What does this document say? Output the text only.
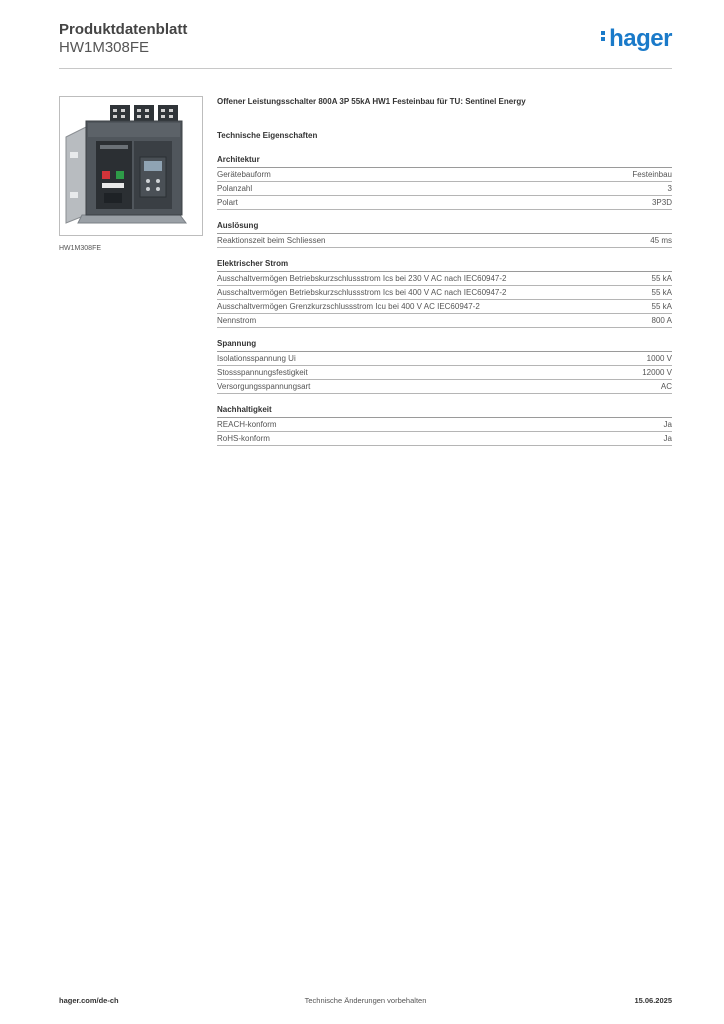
Produktdatenblatt
HW1M308FE	hager
HW1M308FE
Offener Leistungsschalter 800A 3P 55kA HW1 Festeinbau für TU: Sentinel Energy
Technische Eigenschaften
Architektur
Gerätebauform	Festeinbau
Polanzahl	3
Polart	3P3D
Auslösung
Reaktionszeit beim Schliessen	45 ms
Elektrischer Strom
Ausschaltvermögen Betriebskurzschlussstrom Ics bei 230 V AC nach IEC60947-2	55 kA
Ausschaltvermögen Betriebskurzschlussstrom Ics bei 400 V AC nach IEC60947-2	55 kA
Ausschaltvermögen Grenzkurzschlussstrom Icu bei 400 V AC IEC60947-2	55 kA
Nennstrom	800 A
Spannung
Isolationsspannung Ui	1000 V
Stossspannungsfestigkeit	12000 V
Versorgungsspannungsart	AC
Nachhaltigkeit
REACH-konform	Ja
RoHS-konform	Ja
hager.com/de-ch	Technische Änderungen vorbehalten	15.06.2025
